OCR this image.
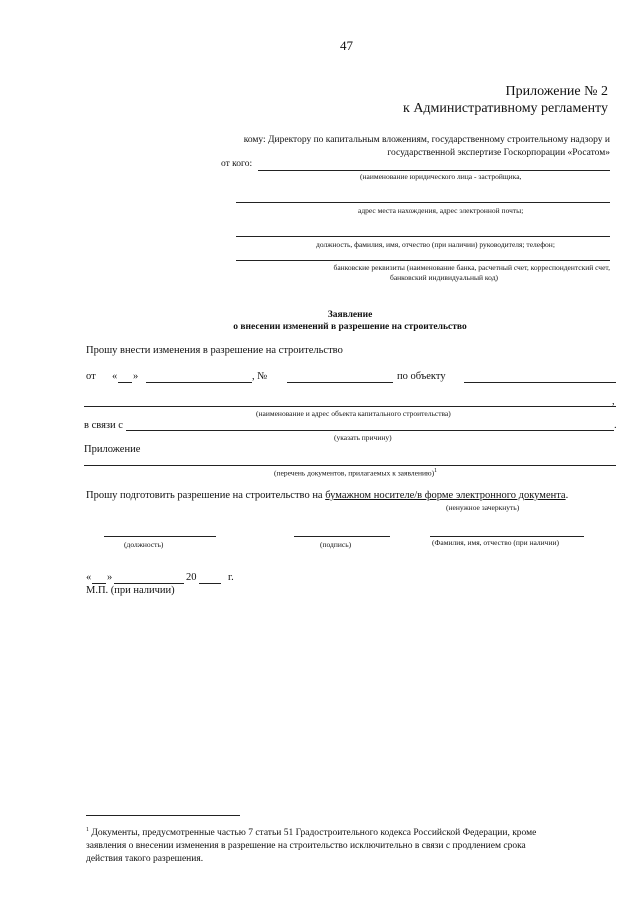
47
Приложение № 2
к Административному регламенту
кому: Директору по капитальным вложениям, государственному строительному надзору и
государственной экспертизе Госкорпорации «Росатом»
от кого:
(наименование юридического лица - застройщика,
адрес места нахождения, адрес электронной почты;
должность, фамилия, имя, отчество (при наличии) руководителя; телефон;
банковские реквизиты (наименование банка, расчетный счет, корреспондентский счет,
банковский индивидуальный код)
Заявление
о внесении изменений в разрешение на строительство
Прошу внести изменения в разрешение на строительство
от « »	, №	по объекту
,
(наименование и адрес объекта капитального строительства)
в связи с	.
(указать причину)
Приложение
(перечень документов, прилагаемых к заявлению)$^1$
Прошу подготовить разрешение на строительство на бумажном носителе/в форме электронного документа.
(ненужное зачеркнуть)
(должность)	(подпись)	(Фамилия, имя, отчество (при наличии)
« »	20	г.
М.П. (при наличии)
$^1$ Документы, предусмотренные частью 7 статьи 51 Градостроительного кодекса Российской Федерации, кроме
заявления о внесении изменения в разрешение на строительство исключительно в связи с продлением срока
действия такого разрешения.
